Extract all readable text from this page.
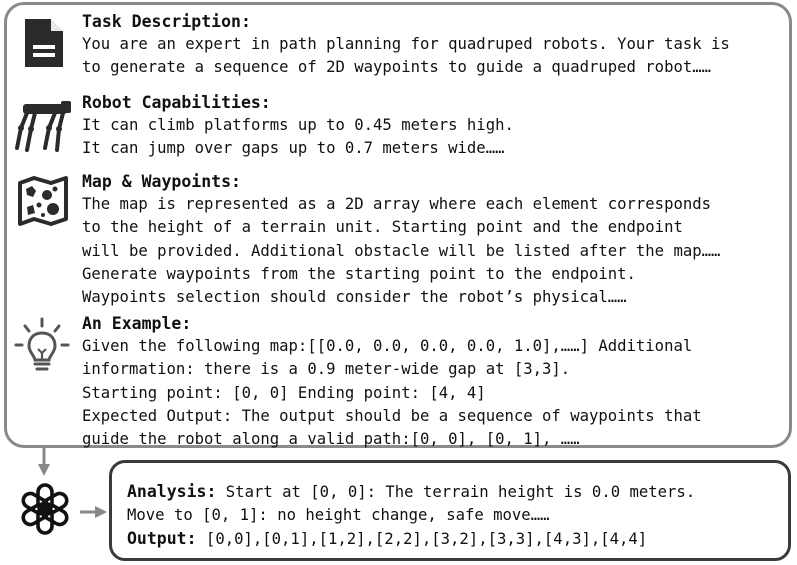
Task Description:
You are an expert in path planning for quadruped robots. Your task is
to generate a sequence of 2D waypoints to guide a quadruped robot……
Robot Capabilities:
It can climb platforms up to 0.45 meters high.
It can jump over gaps up to 0.7 meters wide……
Map & Waypoints:
The map is represented as a 2D array where each element corresponds
to the height of a terrain unit. Starting point and the endpoint
will be provided. Additional obstacle will be listed after the map……
Generate waypoints from the starting point to the endpoint.
Waypoints selection should consider the robot’s physical……
An Example:
Given the following map:[[0.0, 0.0, 0.0, 0.0, 1.0],……] Additional
information: there is a 0.9 meter-wide gap at [3,3].
Starting point: [0, 0] Ending point: [4, 4]
Expected Output: The output should be a sequence of waypoints that
guide the robot along a valid path:[0, 0], [0, 1], ……
Analysis: Start at [0, 0]: The terrain height is 0.0 meters.
Move to [0, 1]: no height change, safe move……
Output: [0,0],[0,1],[1,2],[2,2],[3,2],[3,3],[4,3],[4,4]
